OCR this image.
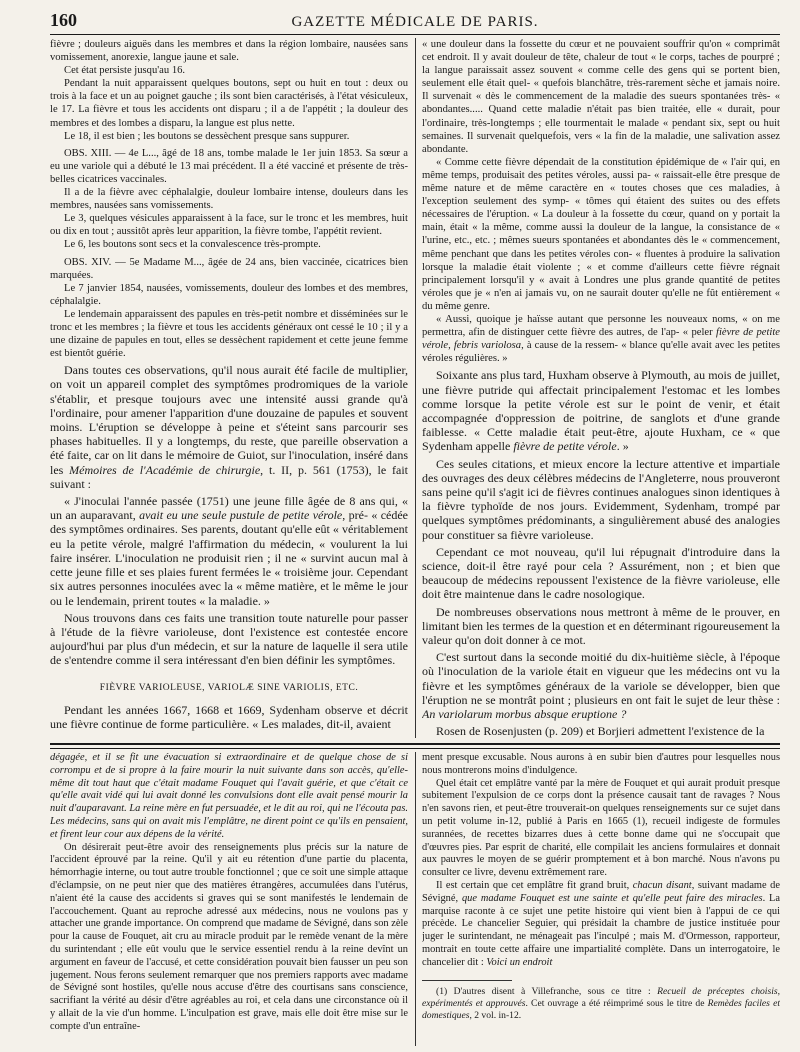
160	GAZETTE MÉDICALE DE PARIS.

fièvre ; douleurs aiguës dans les membres et dans la région lombaire, nausées sans vomissement, anorexie, langue jaune et sale.

Cet état persiste jusqu'au 16.

Pendant la nuit apparaissent quelques boutons, sept ou huit en tout : deux ou trois à la face et un au poignet gauche ; ils sont bien caractérisés, à l'état vésiculeux, le 17. La fièvre et tous les accidents ont disparu ; il a de l'appétit ; la douleur des membres et des lombes a disparu, la langue est plus nette.

Le 18, il est bien ; les boutons se dessèchent presque sans suppurer.

OBS. XIII. — 4e L..., âgé de 18 ans, tombe malade le 1er juin 1853. Sa sœur a eu une variole qui a débuté le 13 mai précédent. Il a été vacciné et présente de très-belles cicatrices vaccinales.

Il a de la fièvre avec céphalalgie, douleur lombaire intense, douleurs dans les membres, nausées sans vomissements.

Le 3, quelques vésicules apparaissent à la face, sur le tronc et les membres, huit ou dix en tout ; aussitôt après leur apparition, la fièvre tombe, l'appétit revient.

Le 6, les boutons sont secs et la convalescence très-prompte.

OBS. XIV. — 5e Madame M..., âgée de 24 ans, bien vaccinée, cicatrices bien marquées.

Le 7 janvier 1854, nausées, vomissements, douleur des lombes et des membres, céphalalgie.

Le lendemain apparaissent des papules en très-petit nombre et disséminées sur le tronc et les membres ; la fièvre et tous les accidents généraux ont cessé le 10 ; il y a une dizaine de papules en tout, elles se dessèchent rapidement et cette jeune femme est bientôt guérie.

Dans toutes ces observations, qu'il nous aurait été facile de multiplier, on voit un appareil complet des symptômes prodromiques de la variole s'établir, et presque toujours avec une intensité aussi grande qu'à l'ordinaire, pour amener l'apparition d'une douzaine de papules et souvent moins. L'éruption se développe à peine et s'éteint sans parcourir ses phases habituelles. Il y a longtemps, du reste, que pareille observation a été faite, car on lit dans le mémoire de Guiot, sur l'inoculation, inséré dans les Mémoires de l'Académie de chirurgie, t. II, p. 561 (1753), le fait suivant :

« J'inoculai l'année passée (1751) une jeune fille âgée de 8 ans qui, « un an auparavant, avait eu une seule pustule de petite vérole, pré- « cédée des symptômes ordinaires. Ses parents, doutant qu'elle eût « véritablement eu la petite vérole, malgré l'affirmation du médecin, « voulurent la lui faire insérer. L'inoculation ne produisit rien ; il ne « survint aucun mal à cette jeune fille et ses plaies furent fermées le « troisième jour. Cependant six autres personnes inoculées avec la « même matière, et le même le jour ou le lendemain, prirent toutes « la maladie. »

Nous trouvons dans ces faits une transition toute naturelle pour passer à l'étude de la fièvre varioleuse, dont l'existence est contestée encore aujourd'hui par plus d'un médecin, et sur la nature de laquelle il sera utile de s'entendre comme il sera intéressant d'en bien définir les symptômes.

FIÈVRE VARIOLEUSE, VARIOLÆ SINE VARIOLIS, ETC.

Pendant les années 1667, 1668 et 1669, Sydenham observe et décrit une fièvre continue de forme particulière. « Les malades, dit-il, avaient

« une douleur dans la fossette du cœur et ne pouvaient souffrir qu'on « comprimât cet endroit. Il y avait douleur de tête, chaleur de tout « le corps, taches de pourpré ; la langue paraissait assez souvent « comme celle des gens qui se portent bien, seulement elle était quel- « quefois blanchâtre, très-rarement sèche et jamais noire. Il survenait « dès le commencement de la maladie des sueurs spontanées très- « abondantes..... Quand cette maladie n'était pas bien traitée, elle « durait, pour l'ordinaire, très-longtemps ; elle tourmentait le malade « pendant six, sept ou huit semaines. Il survenait quelquefois, vers « la fin de la maladie, une salivation assez abondante.

« Comme cette fièvre dépendait de la constitution épidémique de « l'air qui, en même temps, produisait des petites véroles, aussi pa- « raissait-elle être presque de même nature et de même caractère en « toutes choses que ces maladies, à l'exception seulement des symp- « tômes qui étaient des suites ou des effets nécessaires de l'éruption. « La douleur à la fossette du cœur, quand on y portait la main, était « la même, comme aussi la douleur de la langue, la consistance de « l'urine, etc., etc. ; mêmes sueurs spontanées et abondantes dès le « commencement, même penchant que dans les petites véroles con- « fluentes à produire la salivation lorsque la maladie était violente ; « et comme d'ailleurs cette fièvre régnait principalement lorsqu'il y « avait à Londres une plus grande quantité de petites véroles que je « n'en ai jamais vu, on ne saurait douter qu'elle ne fût entièrement « du même genre.

« Aussi, quoique je haïsse autant que personne les nouveaux noms, « on me permettra, afin de distinguer cette fièvre des autres, de l'ap- « peler fièvre de petite vérole, febris variolosa, à cause de la ressem- « blance qu'elle avait avec les petites véroles régulières. »

Soixante ans plus tard, Huxham observe à Plymouth, au mois de juillet, une fièvre putride qui affectait principalement l'estomac et les lombes comme lorsque la petite vérole est sur le point de venir, et était accompagnée d'oppression de poitrine, de sanglots et d'une grande faiblesse. « Cette maladie était peut-être, ajoute Huxham, ce « que Sydenham appelle fièvre de petite vérole. »

Ces seules citations, et mieux encore la lecture attentive et impartiale des ouvrages des deux célèbres médecins de l'Angleterre, nous prouveront sans peine qu'il s'agit ici de fièvres continues analogues sinon identiques à la fièvre typhoïde de nos jours. Evidemment, Sydenham, trompé par quelques symptômes prédominants, a singulièrement abusé des analogies pour constituer sa fièvre varioleuse.

Cependant ce mot nouveau, qu'il lui répugnait d'introduire dans la science, doit-il être rayé pour cela ? Assurément, non ; et bien que beaucoup de médecins repoussent l'existence de la fièvre varioleuse, elle doit être maintenue dans le cadre nosologique.

De nombreuses observations nous mettront à même de le prouver, en limitant bien les termes de la question et en déterminant rigoureusement la valeur qu'on doit donner à ce mot.

C'est surtout dans la seconde moitié du dix-huitième siècle, à l'époque où l'inoculation de la variole était en vigueur que les médecins ont vu la fièvre et les symptômes généraux de la variole se développer, bien que l'éruption ne se montrât point ; plusieurs en ont fait le sujet de leur thèse : An variolarum morbus absque eruptione ?

Rosen de Rosenjusten (p. 209) et Borjieri admettent l'existence de la

dégagée, et il se fit une évacuation si extraordinaire et de quelque chose de si corrompu et de si propre à la faire mourir la nuit suivante dans son accès, qu'elle-même dit tout haut que c'était madame Fouquet qui l'avait guérie, et que c'était ce qu'elle avait vidé qui lui avait donné les convulsions dont elle avait pensé mourir la nuit d'auparavant. La reine mère en fut persuadée, et le dit au roi, qui ne l'écouta pas. Les médecins, sans qui on avait mis l'emplâtre, ne dirent point ce qu'ils en pensaient, et firent leur cour aux dépens de la vérité.

On désirerait peut-être avoir des renseignements plus précis sur la nature de l'accident éprouvé par la reine. Qu'il y ait eu rétention d'une partie du placenta, hémorrhagie interne, ou tout autre trouble fonctionnel ; que ce soit une simple attaque d'éclampsie, on ne peut nier que des matières étrangères, accumulées dans l'utérus, n'aient été la cause des accidents si graves qui se sont manifestés le lendemain de l'accouchement. Quant au reproche adressé aux médecins, nous ne voulons pas y attacher une grande importance. On comprend que madame de Sévigné, dans son zèle pour la cause de Fouquet, ait cru au miracle produit par le remède venant de la mère du surintendant ; elle eût voulu que le service essentiel rendu à la reine devînt un argument en faveur de l'accusé, et cette considération pouvait bien fausser un peu son jugement. Nous ferons seulement remarquer que nos premiers rapports avec madame de Sévigné sont hostiles, qu'elle nous accuse d'être des courtisans sans conscience, sacrifiant la vérité au désir d'être agréables au roi, et cela dans une circonstance où il y allait de la vie d'un homme. L'inculpation est grave, mais elle doit être mise sur le compte d'un entraîne-

ment presque excusable. Nous aurons à en subir bien d'autres pour lesquelles nous nous montrerons moins d'indulgence.

Quel était cet emplâtre vanté par la mère de Fouquet et qui aurait produit presque subitement l'expulsion de ce corps dont la présence causait tant de ravages ? Nous n'en savons rien, et peut-être trouverait-on quelques renseignements sur ce sujet dans un petit volume in-12, publié à Paris en 1665 (1), recueil indigeste de formules surannées, de recettes bizarres dues à cette bonne dame qui ne s'occupait que d'œuvres pies. Par esprit de charité, elle compilait les anciens formulaires et donnait aux pauvres le moyen de se guérir promptement et à bon marché. Nous n'avons pu consulter ce livre, devenu extrêmement rare.

Il est certain que cet emplâtre fit grand bruit, chacun disant, suivant madame de Sévigné, que madame Fouquet est une sainte et qu'elle peut faire des miracles. La marquise raconte à ce sujet une petite histoire qui vient bien à l'appui de ce qui précède. Le chancelier Seguier, qui présidait la chambre de justice instituée pour juger le surintendant, ne ménageait pas l'inculpé ; mais M. d'Ormesson, rapporteur, montrait en toute cette affaire une impartialité complète. Dans un interrogatoire, le chancelier dit : Voici un endroit

(1) D'autres disent à Villefranche, sous ce titre : Recueil de préceptes choisis, expérimentés et approuvés. Cet ouvrage a été réimprimé sous le titre de Remèdes faciles et domestiques, 2 vol. in-12.
